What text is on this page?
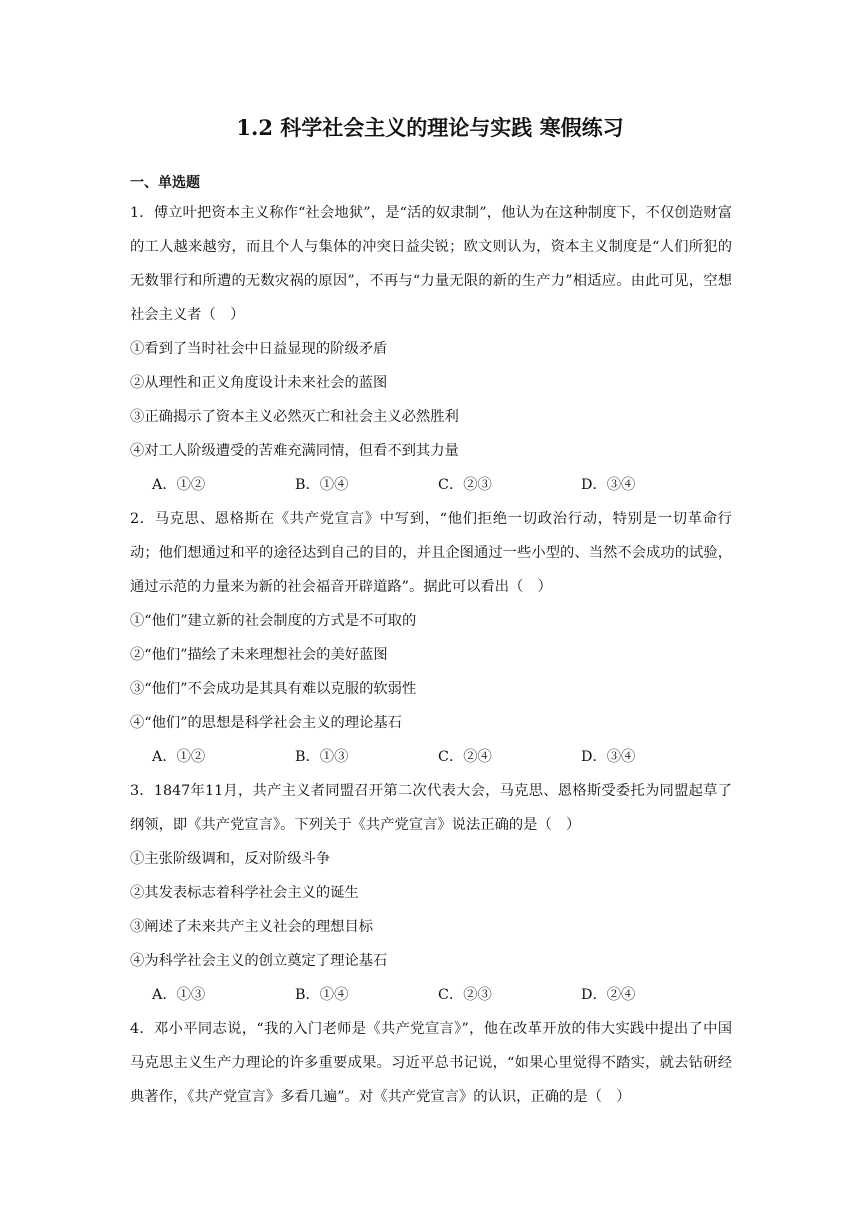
1.2 科学社会主义的理论与实践 寒假练习
一、单选题

1．傅立叶把资本主义称作“社会地狱”，是“活的奴隶制”，他认为在这种制度下，不仅创造财富的工人越来越穷，而且个人与集体的冲突日益尖锐；欧文则认为，资本主义制度是“人们所犯的无数罪行和所遭的无数灾祸的原因”，不再与“力量无限的新的生产力”相适应。由此可见，空想社会主义者（　）

①看到了当时社会中日益显现的阶级矛盾

②从理性和正义角度设计未来社会的蓝图

③正确揭示了资本主义必然灭亡和社会主义必然胜利

④对工人阶级遭受的苦难充满同情，但看不到其力量

A．①②	B．①④	C．②③	D．③④

2．马克思、恩格斯在《共产党宣言》中写到，“他们拒绝一切政治行动，特别是一切革命行动；他们想通过和平的途径达到自己的目的，并且企图通过一些小型的、当然不会成功的试验，通过示范的力量来为新的社会福音开辟道路”。据此可以看出（　）

①“他们”建立新的社会制度的方式是不可取的

②“他们”描绘了未来理想社会的美好蓝图

③“他们”不会成功是其具有难以克服的软弱性

④“他们”的思想是科学社会主义的理论基石

A．①②	B．①③	C．②④	D．③④

3．1847年11月，共产主义者同盟召开第二次代表大会，马克思、恩格斯受委托为同盟起草了纲领，即《共产党宣言》。下列关于《共产党宣言》说法正确的是（　）

①主张阶级调和，反对阶级斗争

②其发表标志着科学社会主义的诞生

③阐述了未来共产主义社会的理想目标

④为科学社会主义的创立奠定了理论基石

A．①③	B．①④	C．②③	D．②④

4．邓小平同志说，“我的入门老师是《共产党宣言》”，他在改革开放的伟大实践中提出了中国马克思主义生产力理论的许多重要成果。习近平总书记说，“如果心里觉得不踏实，就去钻研经典著作，《共产党宣言》多看几遍”。对《共产党宣言》的认识，正确的是（　）
